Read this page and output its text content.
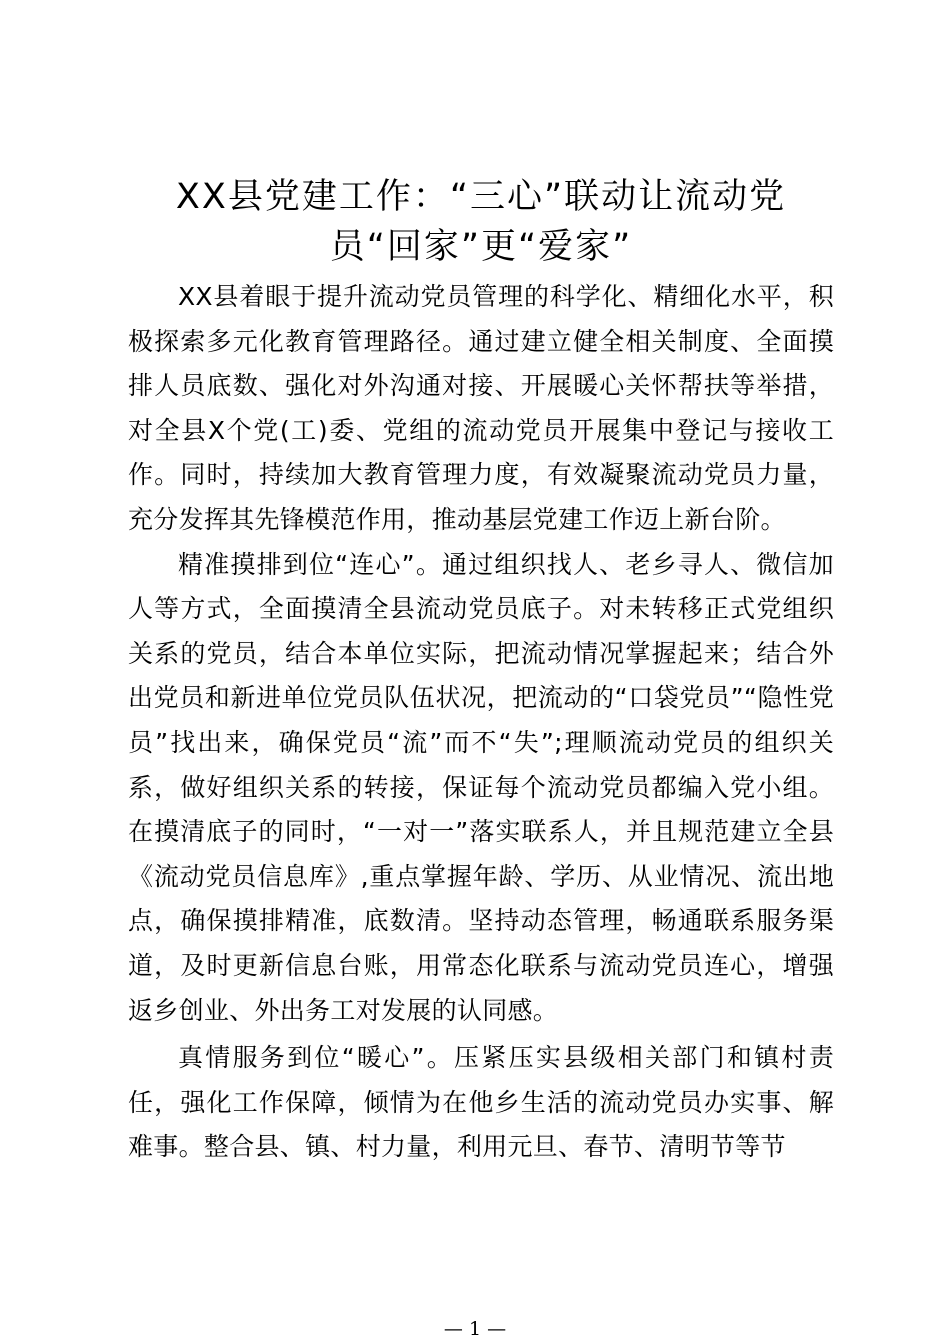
XX县党建工作：“三心”联动让流动党
员“回家”更“爱家”

XX县着眼于提升流动党员管理的科学化、精细化水平，积极探索多元化教育管理路径。通过建立健全相关制度、全面摸排人员底数、强化对外沟通对接、开展暖心关怀帮扶等举措，对全县X个党(工)委、党组的流动党员开展集中登记与接收工作。同时，持续加大教育管理力度，有效凝聚流动党员力量，充分发挥其先锋模范作用，推动基层党建工作迈上新台阶。

精准摸排到位“连心”。通过组织找人、老乡寻人、微信加人等方式，全面摸清全县流动党员底子。对未转移正式党组织关系的党员，结合本单位实际，把流动情况掌握起来；结合外出党员和新进单位党员队伍状况，把流动的“口袋党员”“隐性党员”找出来，确保党员“流”而不“失”;理顺流动党员的组织关系，做好组织关系的转接，保证每个流动党员都编入党小组。在摸清底子的同时，“一对一”落实联系人，并且规范建立全县《流动党员信息库》,重点掌握年龄、学历、从业情况、流出地点，确保摸排精准，底数清。坚持动态管理，畅通联系服务渠道，及时更新信息台账，用常态化联系与流动党员连心，增强返乡创业、外出务工对发展的认同感。

真情服务到位“暖心”。压紧压实县级相关部门和镇村责任，强化工作保障，倾情为在他乡生活的流动党员办实事、解难事。整合县、镇、村力量，利用元旦、春节、清明节等节

— 1 —
